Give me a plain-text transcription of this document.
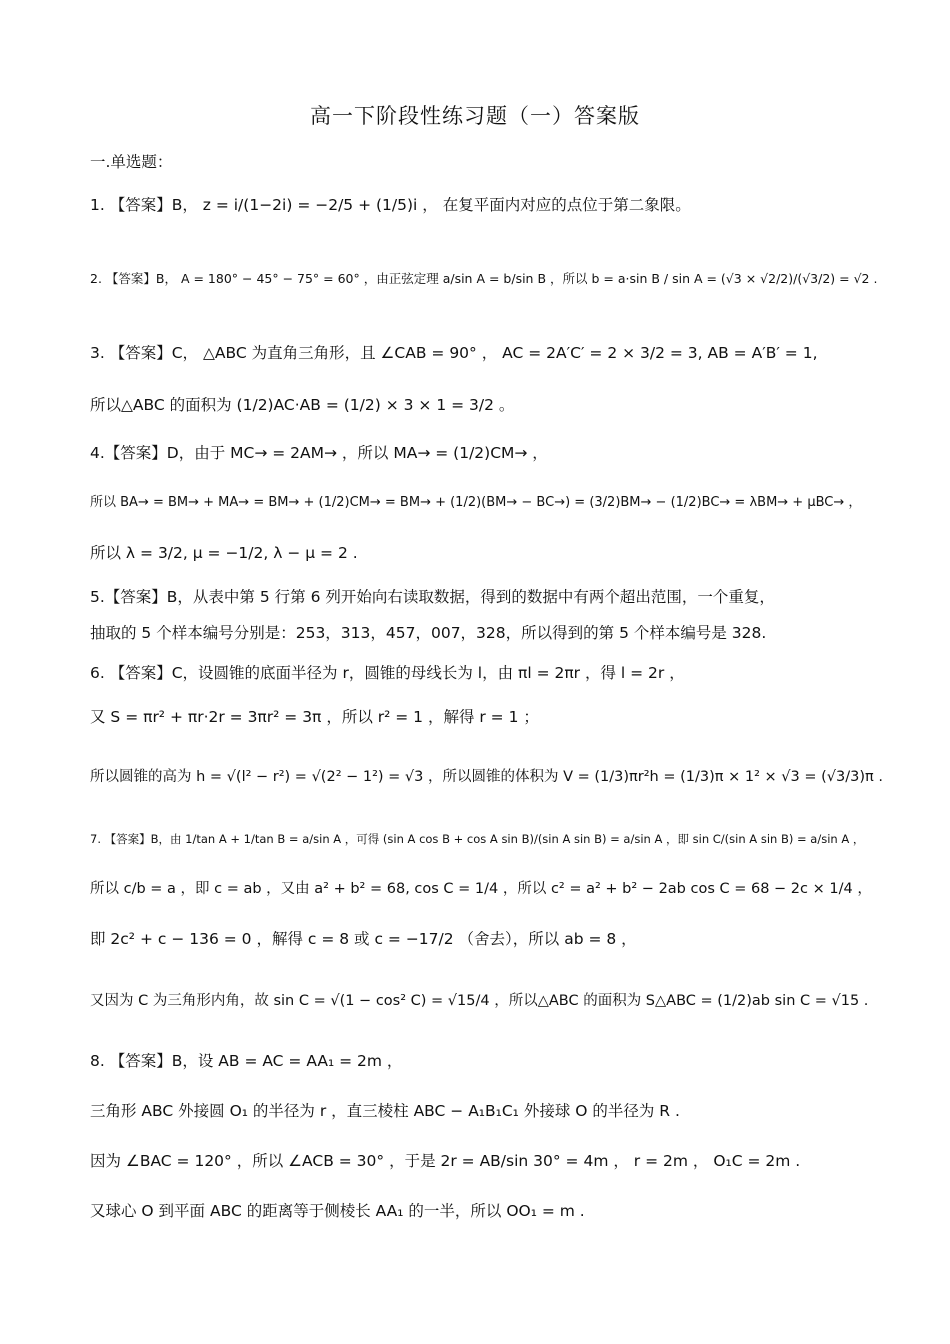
高一下阶段性练习题（一）答案版
一.单选题：
1. 【答案】B， z = i/(1−2i) = −2/5 + (1/5)i ， 在复平面内对应的点位于第二象限。
2. 【答案】B， A = 180° − 45° − 75° = 60° ，由正弦定理 a/sin A = b/sin B ，所以 b = a·sin B / sin A = (√3 × √2/2)/(√3/2) = √2 .
3. 【答案】C， △ABC 为直角三角形，且 ∠CAB = 90° ， AC = 2A′C′ = 2 × 3/2 = 3, AB = A′B′ = 1,
所以△ABC 的面积为 (1/2)AC·AB = (1/2) × 3 × 1 = 3/2 。
4.【答案】D，由于 MC→ = 2AM→ ，所以 MA→ = (1/2)CM→ ，
所以 BA→ = BM→ + MA→ = BM→ + (1/2)CM→ = BM→ + (1/2)(BM→ − BC→) = (3/2)BM→ − (1/2)BC→ = λBM→ + μBC→ ，
所以 λ = 3/2, μ = −1/2, λ − μ = 2 .
5.【答案】B，从表中第 5 行第 6 列开始向右读取数据，得到的数据中有两个超出范围，一个重复，
抽取的 5 个样本编号分别是：253，313，457，007，328，所以得到的第 5 个样本编号是 328.
6. 【答案】C，设圆锥的底面半径为 r，圆锥的母线长为 l，由 πl = 2πr ，得 l = 2r ，
又 S = πr² + πr·2r = 3πr² = 3π ，所以 r² = 1 ，解得 r = 1 ；
所以圆锥的高为 h = √(l² − r²) = √(2² − 1²) = √3 ，所以圆锥的体积为 V = (1/3)πr²h = (1/3)π × 1² × √3 = (√3/3)π .
7. 【答案】B，由 1/tan A + 1/tan B = a/sin A ，可得 (sin A cos B + cos A sin B)/(sin A sin B) = a/sin A ，即 sin C/(sin A sin B) = a/sin A ，
所以 c/b = a ，即 c = ab ，又由 a² + b² = 68, cos C = 1/4 ，所以 c² = a² + b² − 2ab cos C = 68 − 2c × 1/4 ，
即 2c² + c − 136 = 0 ，解得 c = 8 或 c = −17/2 （舍去），所以 ab = 8 ，
又因为 C 为三角形内角，故 sin C = √(1 − cos² C) = √15/4 ，所以△ABC 的面积为 S△ABC = (1/2)ab sin C = √15 .
8. 【答案】B，设 AB = AC = AA₁ = 2m ，
三角形 ABC 外接圆 O₁ 的半径为 r ，直三棱柱 ABC − A₁B₁C₁ 外接球 O 的半径为 R .
因为 ∠BAC = 120° ，所以 ∠ACB = 30° ，于是 2r = AB/sin 30° = 4m ， r = 2m ， O₁C = 2m .
又球心 O 到平面 ABC 的距离等于侧棱长 AA₁ 的一半，所以 OO₁ = m .
